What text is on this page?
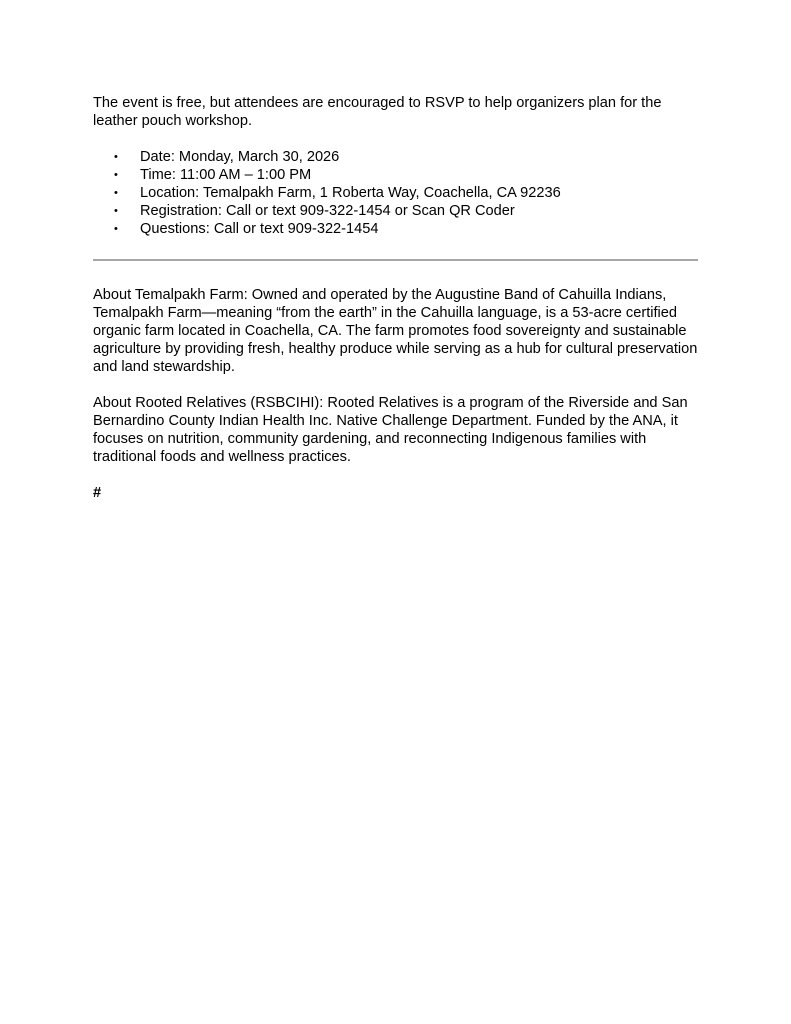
The event is free, but attendees are encouraged to RSVP to help organizers plan for the leather pouch workshop.

• Date: Monday, March 30, 2026
• Time: 11:00 AM – 1:00 PM
• Location: Temalpakh Farm, 1 Roberta Way, Coachella, CA 92236
• Registration: Call or text 909-322-1454 or Scan QR Coder
• Questions: Call or text 909-322-1454

About Temalpakh Farm: Owned and operated by the Augustine Band of Cahuilla Indians, Temalpakh Farm—meaning “from the earth” in the Cahuilla language, is a 53-acre certified organic farm located in Coachella, CA. The farm promotes food sovereignty and sustainable agriculture by providing fresh, healthy produce while serving as a hub for cultural preservation and land stewardship.

About Rooted Relatives (RSBCIHI): Rooted Relatives is a program of the Riverside and San Bernardino County Indian Health Inc. Native Challenge Department. Funded by the ANA, it focuses on nutrition, community gardening, and reconnecting Indigenous families with traditional foods and wellness practices.

#
